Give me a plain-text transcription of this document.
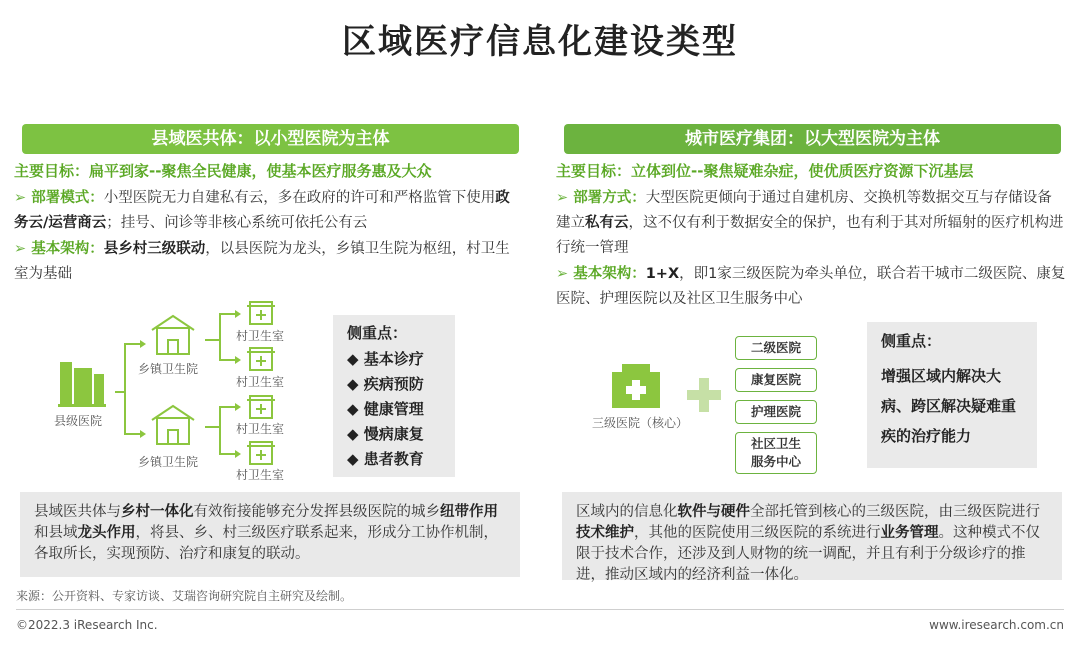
区域医疗信息化建设类型
县域医共体：以小型医院为主体
主要目标：扁平到家--聚焦全民健康，使基本医疗服务惠及大众
➢ 部署模式：小型医院无力自建私有云，多在政府的许可和严格监管下使用政务云/运营商云；挂号、问诊等非核心系统可依托公有云
➢ 基本架构：县乡村三级联动，以县医院为龙头，乡镇卫生院为枢纽，村卫生室为基础
县级医院
乡镇卫生院
乡镇卫生院
村卫生室
村卫生室
村卫生室
村卫生室
侧重点：
◆ 基本诊疗
◆ 疾病预防
◆ 健康管理
◆ 慢病康复
◆ 患者教育
县域医共体与乡村一体化有效衔接能够充分发挥县级医院的城乡纽带作用和县域龙头作用，将县、乡、村三级医疗联系起来，形成分工协作机制，各取所长，实现预防、治疗和康复的联动。
城市医疗集团：以大型医院为主体
主要目标：立体到位--聚焦疑难杂症，使优质医疗资源下沉基层
➢ 部署方式：大型医院更倾向于通过自建机房、交换机等数据交互与存储设备建立私有云，这不仅有利于数据安全的保护，也有利于其对所辐射的医疗机构进行统一管理
➢ 基本架构：1+X，即1家三级医院为牵头单位，联合若干城市二级医院、康复医院、护理医院以及社区卫生服务中心
三级医院（核心）
二级医院
康复医院
护理医院
社区卫生服务中心
侧重点：
增强区域内解决大病、跨区解决疑难重疾的治疗能力
区域内的信息化软件与硬件全部托管到核心的三级医院，由三级医院进行技术维护，其他的医院使用三级医院的系统进行业务管理。这种模式不仅限于技术合作，还涉及到人财物的统一调配，并且有利于分级诊疗的推进，推动区域内的经济利益一体化。
来源：公开资料、专家访谈、艾瑞咨询研究院自主研究及绘制。
©2022.3 iResearch Inc.	www.iresearch.com.cn
